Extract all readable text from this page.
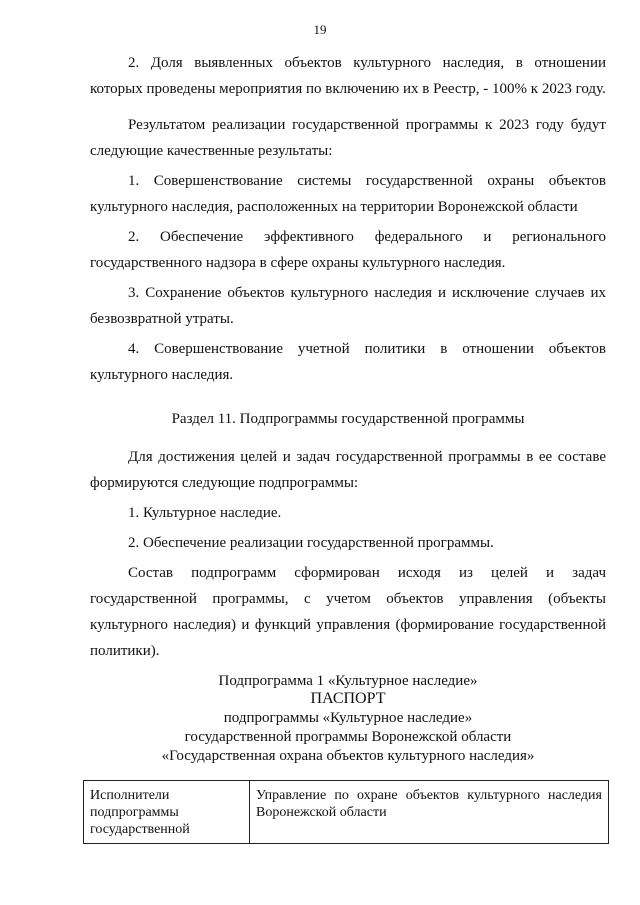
19

2. Доля выявленных объектов культурного наследия, в отношении которых проведены мероприятия по включению их в Реестр, - 100% к 2023 году.

Результатом реализации государственной программы к 2023 году будут следующие качественные результаты:

1. Совершенствование системы государственной охраны объектов культурного наследия, расположенных на территории Воронежской области

2. Обеспечение эффективного федерального и регионального государственного надзора в сфере охраны культурного наследия.

3. Сохранение объектов культурного наследия и исключение случаев их безвозвратной утраты.

4. Совершенствование учетной политики в отношении объектов культурного наследия.

Раздел 11. Подпрограммы государственной программы

Для достижения целей и задач государственной программы в ее составе формируются следующие подпрограммы:

1. Культурное наследие.

2. Обеспечение реализации государственной программы.

Состав подпрограмм сформирован исходя из целей и задач государственной программы, с учетом объектов управления (объекты культурного наследия) и функций управления (формирование государственной политики).

Подпрограмма 1 «Культурное наследие»

ПАСПОРТ
подпрограммы «Культурное наследие»
государственной программы Воронежской области
«Государственная охрана объектов культурного наследия»
Исполнители подпрограммы государственной
Управление по охране объектов культурного наследия Воронежской области
